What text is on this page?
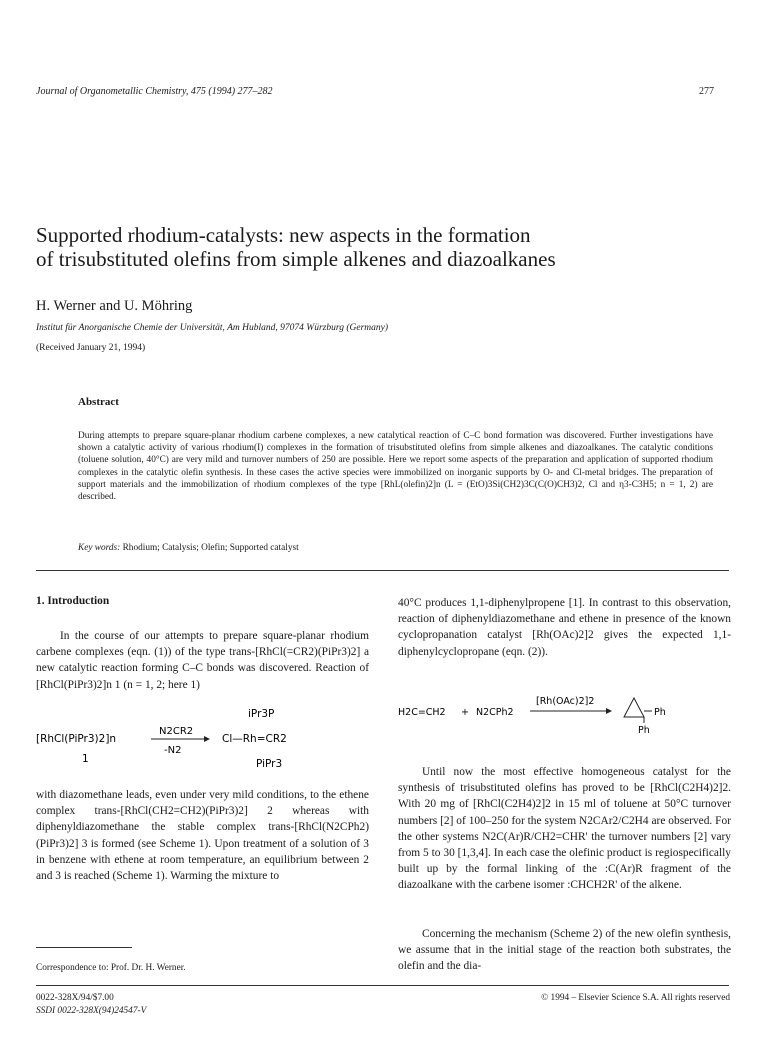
Journal of Organometallic Chemistry, 475 (1994) 277–282	277
Supported rhodium-catalysts: new aspects in the formation
of trisubstituted olefins from simple alkenes and diazoalkanes
H. Werner and U. Möhring
Institut für Anorganische Chemie der Universität, Am Hubland, 97074 Würzburg (Germany)
(Received January 21, 1994)
Abstract
During attempts to prepare square-planar rhodium carbene complexes, a new catalytical reaction of C–C bond formation was discovered. Further investigations have shown a catalytic activity of various rhodium(I) complexes in the formation of trisubstituted olefins from simple alkenes and diazoalkanes. The catalytic conditions (toluene solution, 40°C) are very mild and turnover numbers of 250 are possible. Here we report some aspects of the preparation and application of supported rhodium complexes in the catalytic olefin synthesis. In these cases the active species were immobilized on inorganic supports by O- and Cl-metal bridges. The preparation of support materials and the immobilization of rhodium complexes of the type [RhL(olefin)2]n (L = (EtO)3Si(CH2)3C(C(O)CH3)2, Cl and η3-C3H5; n = 1, 2) are described.
Key words: Rhodium; Catalysis; Olefin; Supported catalyst
1. Introduction
In the course of our attempts to prepare square-planar rhodium carbene complexes (eqn. (1)) of the type trans-[RhCl(=CR2)(PiPr3)2] a new catalytic reaction forming C–C bonds was discovered. Reaction of [RhCl(PiPr3)2]n 1 (n = 1, 2; here 1)
[RhCl(PiPr3)2]n
1
N2CR2
-N2
iPr3P
Cl—Rh=CR2
PiPr3
with diazomethane leads, even under very mild conditions, to the ethene complex trans-[RhCl(CH2=CH2)(PiPr3)2] 2 whereas with diphenyldiazomethane the stable complex trans-[RhCl(N2CPh2)(PiPr3)2] 3 is formed (see Scheme 1). Upon treatment of a solution of 3 in benzene with ethene at room temperature, an equilibrium between 2 and 3 is reached (Scheme 1). Warming the mixture to
40°C produces 1,1-diphenylpropene [1]. In contrast to this observation, reaction of diphenyldiazomethane and ethene in presence of the known cyclopropanation catalyst [Rh(OAc)2]2 gives the expected 1,1-diphenylcyclopropane (eqn. (2)).
H2C=CH2 + N2CPh2
[Rh(OAc)2]2
Ph
Ph
Until now the most effective homogeneous catalyst for the synthesis of trisubstituted olefins has proved to be [RhCl(C2H4)2]2. With 20 mg of [RhCl(C2H4)2]2 in 15 ml of toluene at 50°C turnover numbers [2] of 100–250 for the system N2CAr2/C2H4 are observed. For the other systems N2C(Ar)R/CH2=CHR' the turnover numbers [2] vary from 5 to 30 [1,3,4]. In each case the olefinic product is regiospecifically built up by the formal linking of the :C(Ar)R fragment of the diazoalkane with the carbene isomer :CHCH2R' of the alkene.
Concerning the mechanism (Scheme 2) of the new olefin synthesis, we assume that in the initial stage of the reaction both substrates, the olefin and the dia-
Correspondence to: Prof. Dr. H. Werner.
0022-328X/94/$7.00
SSDI 0022-328X(94)24547-V
© 1994 – Elsevier Science S.A. All rights reserved
